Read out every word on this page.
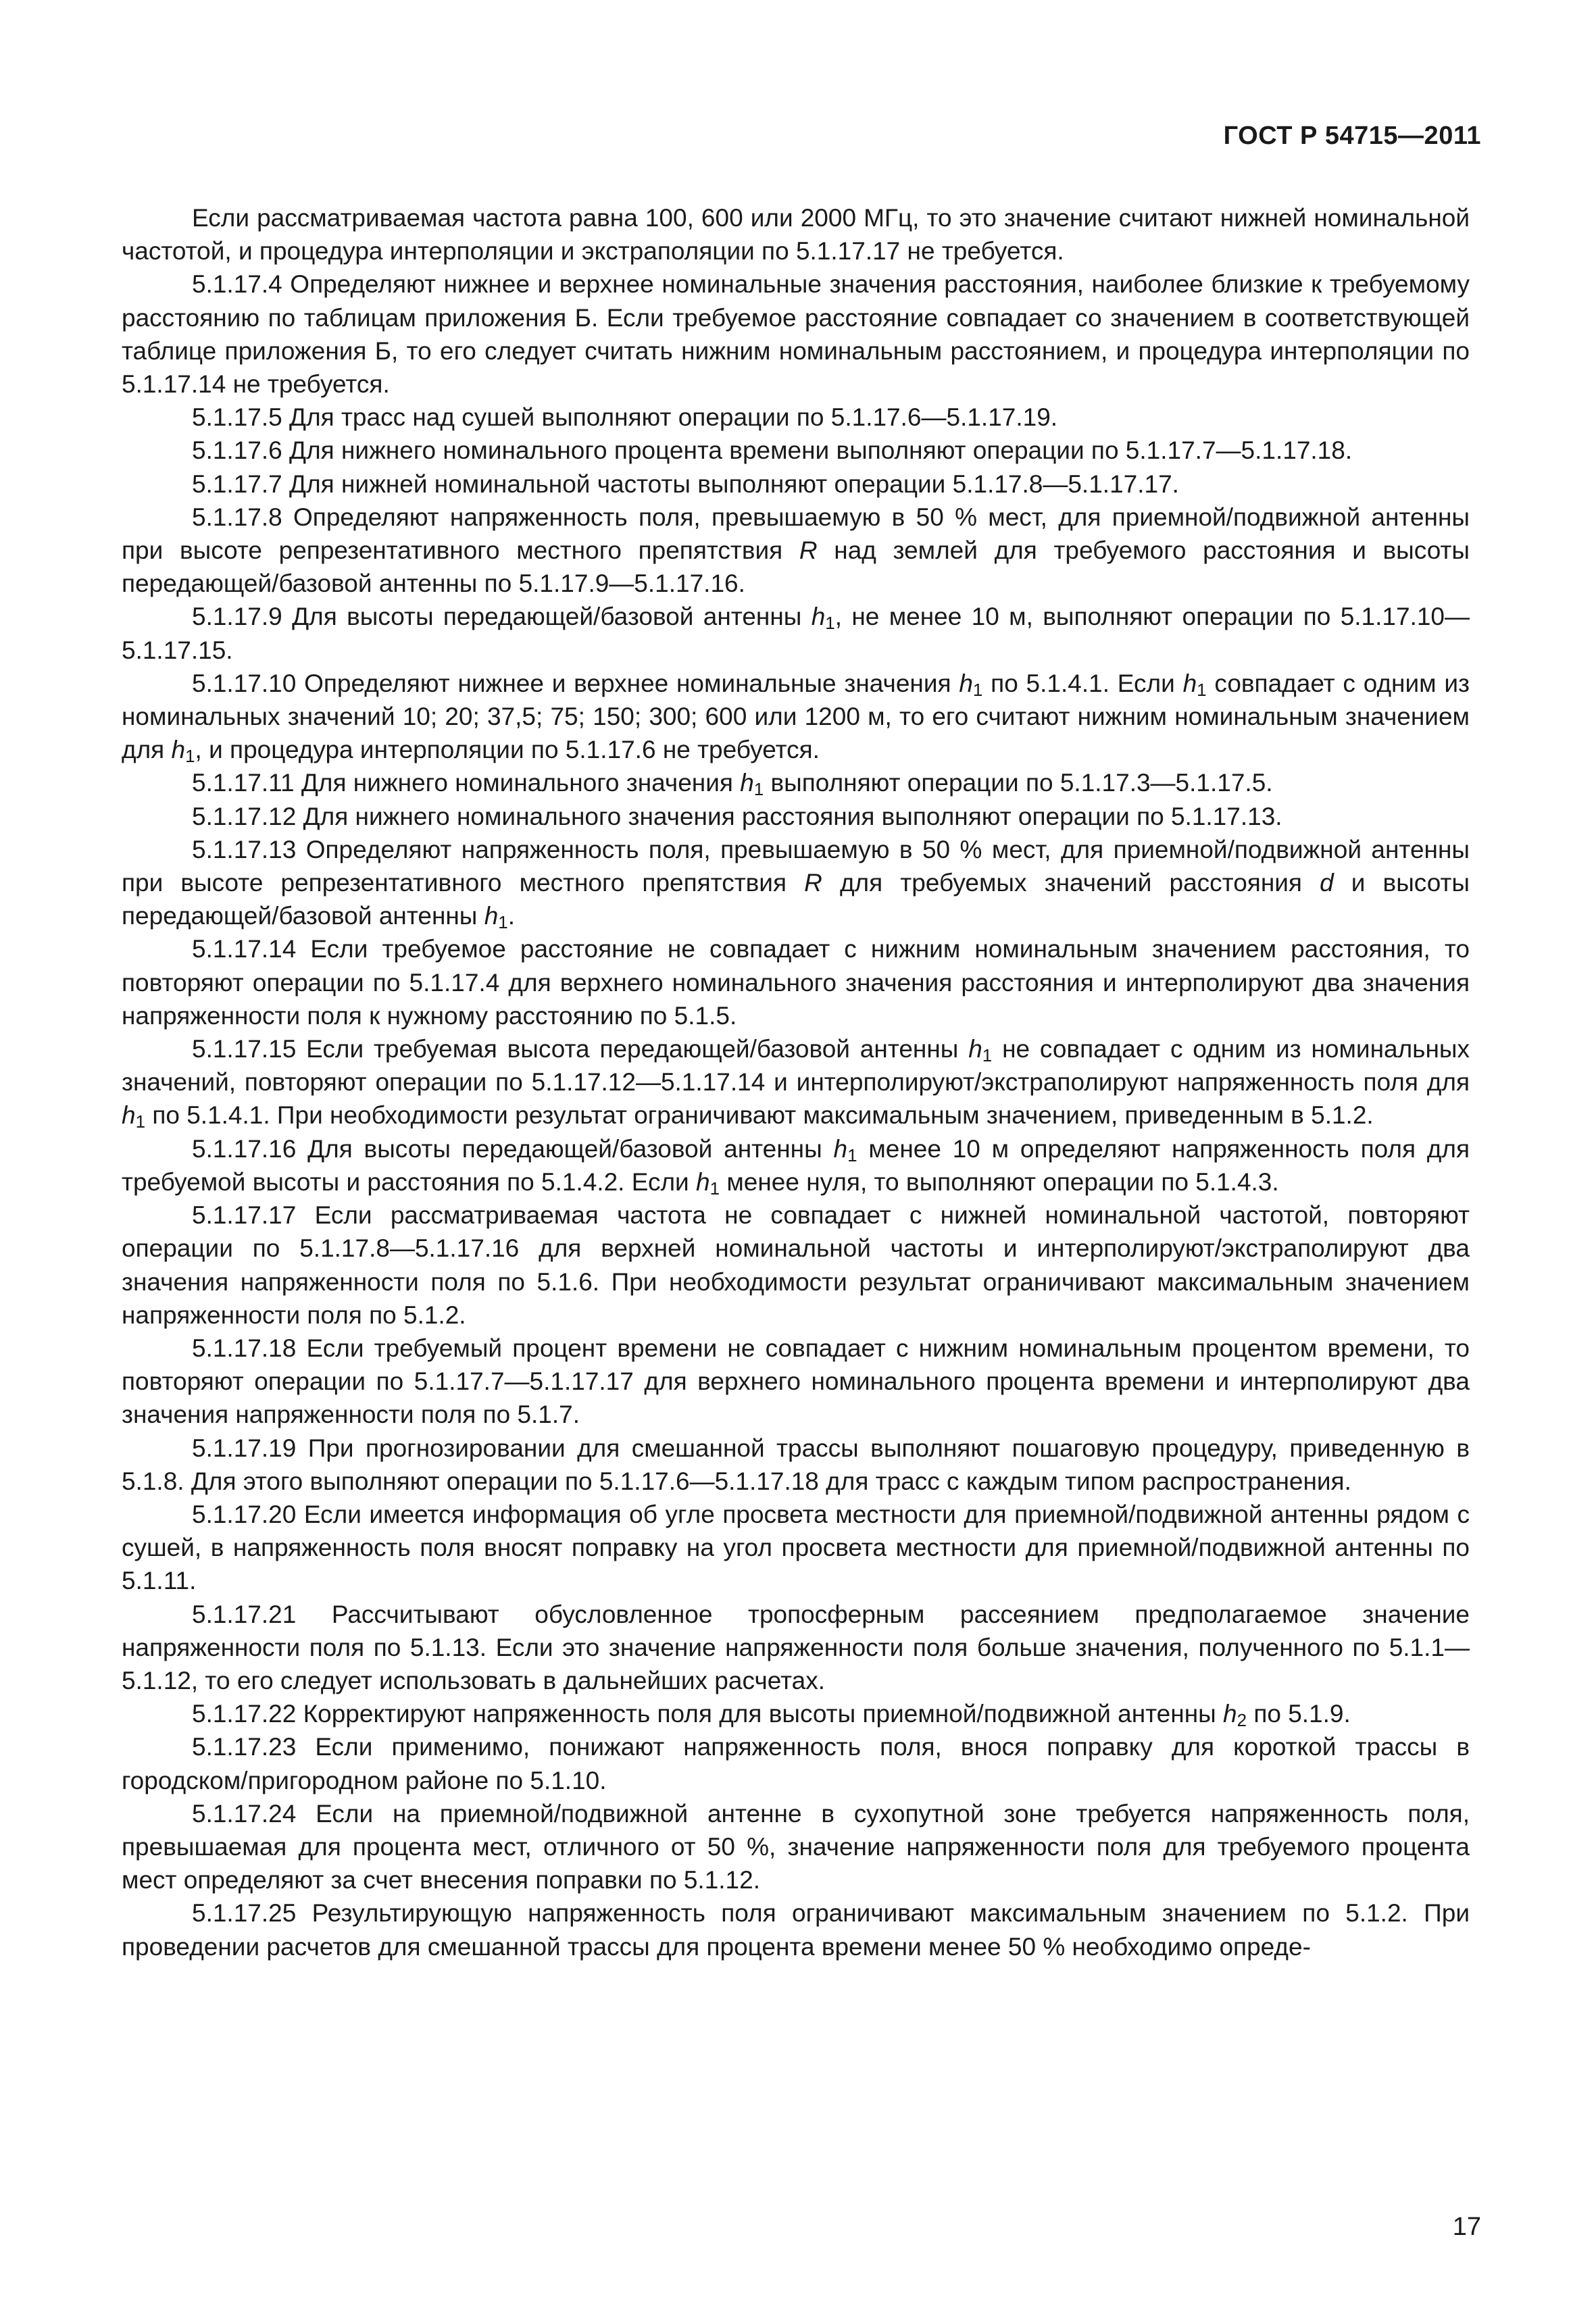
ГОСТ Р 54715—2011

Если рассматриваемая частота равна 100, 600 или 2000 МГц, то это значение считают нижней номинальной частотой, и процедура интерполяции и экстраполяции по 5.1.17.17 не требуется.

5.1.17.4 Определяют нижнее и верхнее номинальные значения расстояния, наиболее близкие к требуемому расстоянию по таблицам приложения Б. Если требуемое расстояние совпадает со значением в соответствующей таблице приложения Б, то его следует считать нижним номинальным расстоянием, и процедура интерполяции по 5.1.17.14 не требуется.

5.1.17.5 Для трасс над сушей выполняют операции по 5.1.17.6—5.1.17.19.

5.1.17.6 Для нижнего номинального процента времени выполняют операции по 5.1.17.7—5.1.17.18.

5.1.17.7 Для нижней номинальной частоты выполняют операции 5.1.17.8—5.1.17.17.

5.1.17.8 Определяют напряженность поля, превышаемую в 50 % мест, для приемной/подвижной антенны при высоте репрезентативного местного препятствия R над землей для требуемого расстояния и высоты передающей/базовой антенны по 5.1.17.9—5.1.17.16.

5.1.17.9 Для высоты передающей/базовой антенны $h_1$, не менее 10 м, выполняют операции по 5.1.17.10—5.1.17.15.

5.1.17.10 Определяют нижнее и верхнее номинальные значения $h_1$ по 5.1.4.1. Если $h_1$ совпадает с одним из номинальных значений 10; 20; 37,5; 75; 150; 300; 600 или 1200 м, то его считают нижним номинальным значением для $h_1$, и процедура интерполяции по 5.1.17.6 не требуется.

5.1.17.11 Для нижнего номинального значения $h_1$ выполняют операции по 5.1.17.3—5.1.17.5.

5.1.17.12 Для нижнего номинального значения расстояния выполняют операции по 5.1.17.13.

5.1.17.13 Определяют напряженность поля, превышаемую в 50 % мест, для приемной/подвижной антенны при высоте репрезентативного местного препятствия R для требуемых значений расстояния d и высоты передающей/базовой антенны $h_1$.

5.1.17.14 Если требуемое расстояние не совпадает с нижним номинальным значением расстояния, то повторяют операции по 5.1.17.4 для верхнего номинального значения расстояния и интерполируют два значения напряженности поля к нужному расстоянию по 5.1.5.

5.1.17.15 Если требуемая высота передающей/базовой антенны $h_1$ не совпадает с одним из номинальных значений, повторяют операции по 5.1.17.12—5.1.17.14 и интерполируют/экстраполируют напряженность поля для $h_1$ по 5.1.4.1. При необходимости результат ограничивают максимальным значением, приведенным в 5.1.2.

5.1.17.16 Для высоты передающей/базовой антенны $h_1$ менее 10 м определяют напряженность поля для требуемой высоты и расстояния по 5.1.4.2. Если $h_1$ менее нуля, то выполняют операции по 5.1.4.3.

5.1.17.17 Если рассматриваемая частота не совпадает с нижней номинальной частотой, повторяют операции по 5.1.17.8—5.1.17.16 для верхней номинальной частоты и интерполируют/экстраполируют два значения напряженности поля по 5.1.6. При необходимости результат ограничивают максимальным значением напряженности поля по 5.1.2.

5.1.17.18 Если требуемый процент времени не совпадает с нижним номинальным процентом времени, то повторяют операции по 5.1.17.7—5.1.17.17 для верхнего номинального процента времени и интерполируют два значения напряженности поля по 5.1.7.

5.1.17.19 При прогнозировании для смешанной трассы выполняют пошаговую процедуру, приведенную в 5.1.8. Для этого выполняют операции по 5.1.17.6—5.1.17.18 для трасс с каждым типом распространения.

5.1.17.20 Если имеется информация об угле просвета местности для приемной/подвижной антенны рядом с сушей, в напряженность поля вносят поправку на угол просвета местности для приемной/подвижной антенны по 5.1.11.

5.1.17.21 Рассчитывают обусловленное тропосферным рассеянием предполагаемое значение напряженности поля по 5.1.13. Если это значение напряженности поля больше значения, полученного по 5.1.1—5.1.12, то его следует использовать в дальнейших расчетах.

5.1.17.22 Корректируют напряженность поля для высоты приемной/подвижной антенны $h_2$ по 5.1.9.

5.1.17.23 Если применимо, понижают напряженность поля, внося поправку для короткой трассы в городском/пригородном районе по 5.1.10.

5.1.17.24 Если на приемной/подвижной антенне в сухопутной зоне требуется напряженность поля, превышаемая для процента мест, отличного от 50 %, значение напряженности поля для требуемого процента мест определяют за счет внесения поправки по 5.1.12.

5.1.17.25 Результирующую напряженность поля ограничивают максимальным значением по 5.1.2. При проведении расчетов для смешанной трассы для процента времени менее 50 % необходимо опреде-

17
